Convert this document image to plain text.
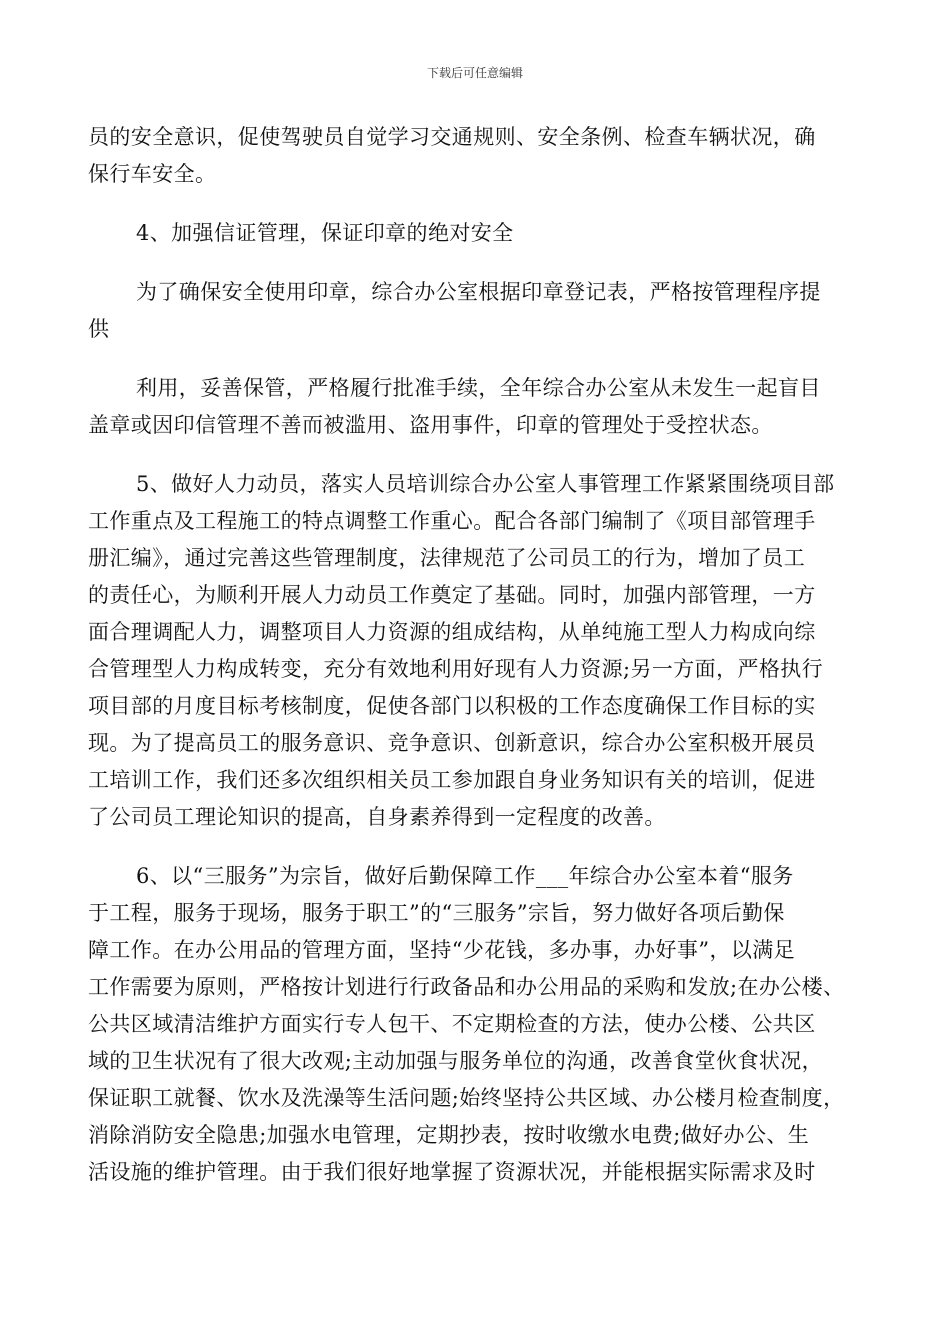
下载后可任意编辑
员的安全意识，促使驾驶员自觉学习交通规则、安全条例、检查车辆状况，确
保行车安全。
4、加强信证管理，保证印章的绝对安全
为了确保安全使用印章，综合办公室根据印章登记表，严格按管理程序提
供
利用，妥善保管，严格履行批准手续，全年综合办公室从未发生一起盲目
盖章或因印信管理不善而被滥用、盗用事件，印章的管理处于受控状态。
5、做好人力动员，落实人员培训综合办公室人事管理工作紧紧围绕项目部
工作重点及工程施工的特点调整工作重心。配合各部门编制了《项目部管理手
册汇编》，通过完善这些管理制度，法律规范了公司员工的行为，增加了员工
的责任心，为顺利开展人力动员工作奠定了基础。同时，加强内部管理，一方
面合理调配人力，调整项目人力资源的组成结构，从单纯施工型人力构成向综
合管理型人力构成转变，充分有效地利用好现有人力资源;另一方面，严格执行
项目部的月度目标考核制度，促使各部门以积极的工作态度确保工作目标的实
现。为了提高员工的服务意识、竞争意识、创新意识，综合办公室积极开展员
工培训工作，我们还多次组织相关员工参加跟自身业务知识有关的培训，促进
了公司员工理论知识的提高，自身素养得到一定程度的改善。
6、以“三服务”为宗旨，做好后勤保障工作___年综合办公室本着“服务
于工程，服务于现场，服务于职工”的“三服务”宗旨，努力做好各项后勤保
障工作。在办公用品的管理方面，坚持“少花钱，多办事，办好事”，以满足
工作需要为原则，严格按计划进行行政备品和办公用品的采购和发放;在办公楼、
公共区域清洁维护方面实行专人包干、不定期检查的方法，使办公楼、公共区
域的卫生状况有了很大改观;主动加强与服务单位的沟通，改善食堂伙食状况，
保证职工就餐、饮水及洗澡等生活问题;始终坚持公共区域、办公楼月检查制度，
消除消防安全隐患;加强水电管理，定期抄表，按时收缴水电费;做好办公、生
活设施的维护管理。由于我们很好地掌握了资源状况，并能根据实际需求及时
